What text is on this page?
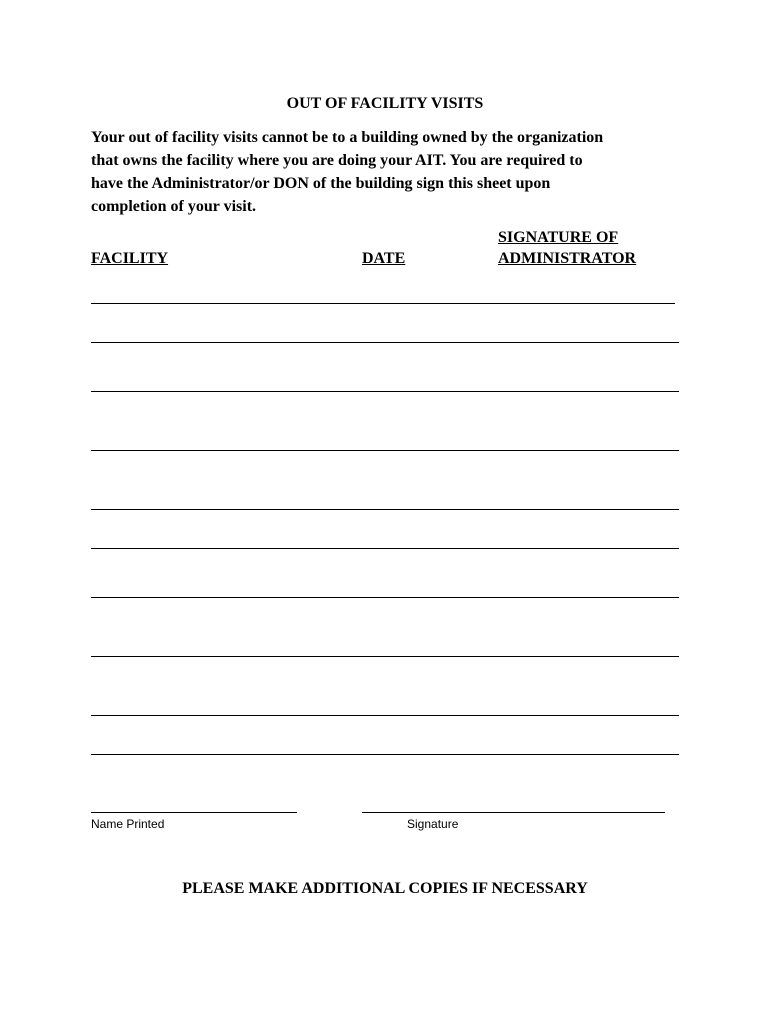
OUT OF FACILITY VISITS

Your out of facility visits cannot be to a building owned by the organization

that owns the facility where you are doing your AIT. You are required to

have the Administrator/or DON of the building sign this sheet upon

completion of your visit.

FACILITY	DATE
SIGNATURE OF
ADMINISTRATOR
Name Printed	Signature
PLEASE MAKE ADDITIONAL COPIES IF NECESSARY
